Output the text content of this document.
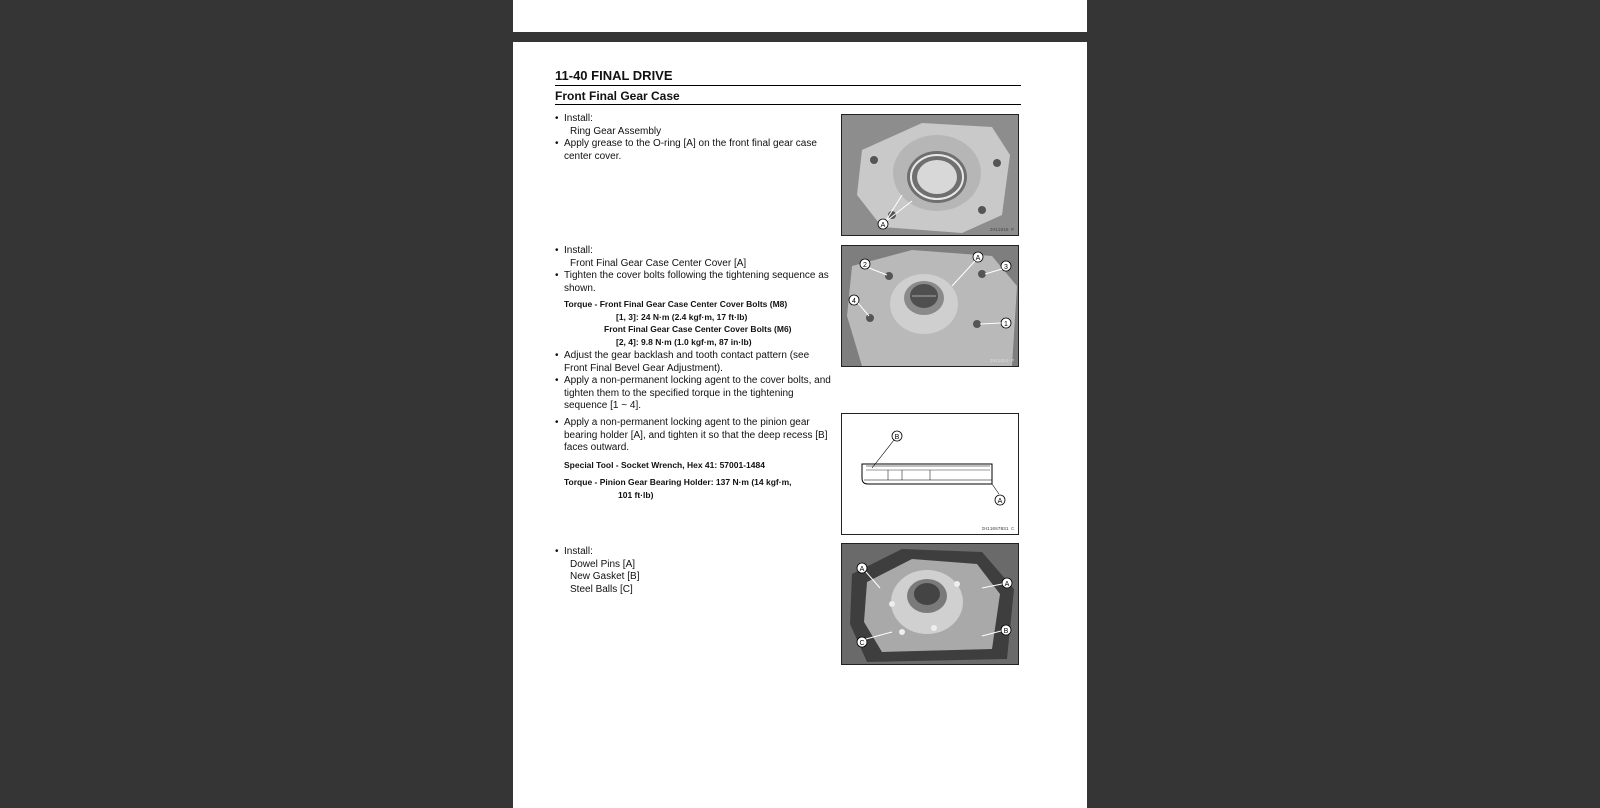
11-40 FINAL DRIVE
Front Final Gear Case
• Install:
Ring Gear Assembly
• Apply grease to the O-ring [A] on the front final gear case center cover.
A
IH11018 P
• Install:
Front Final Gear Case Center Cover [A]
• Tighten the cover bolts following the tightening sequence as shown.
Torque - Front Final Gear Case Center Cover Bolts (M8)
[1, 3]: 24 N·m (2.4 kgf·m, 17 ft·lb)
Front Final Gear Case Center Cover Bolts (M6)
[2, 4]: 9.8 N·m (1.0 kgf·m, 87 in·lb)
• Adjust the gear backlash and tooth contact pattern (see Front Final Bevel Gear Adjustment).
• Apply a non-permanent locking agent to the cover bolts, and tighten them to the specified torque in the tightening sequence [1 ~ 4].
2	3
4
1
A
IH11019 P
• Apply a non-permanent locking agent to the pinion gear bearing holder [A], and tighten it so that the deep recess [B] faces outward.
Special Tool - Socket Wrench, Hex 41: 57001-1484
Torque - Pinion Gear Bearing Holder: 137 N·m (14 kgf·m,
101 ft·lb)
B
A
IH11087BS1 C
• Install:
Dowel Pins [A]
New Gasket [B]
Steel Balls [C]
A
A
B
C
